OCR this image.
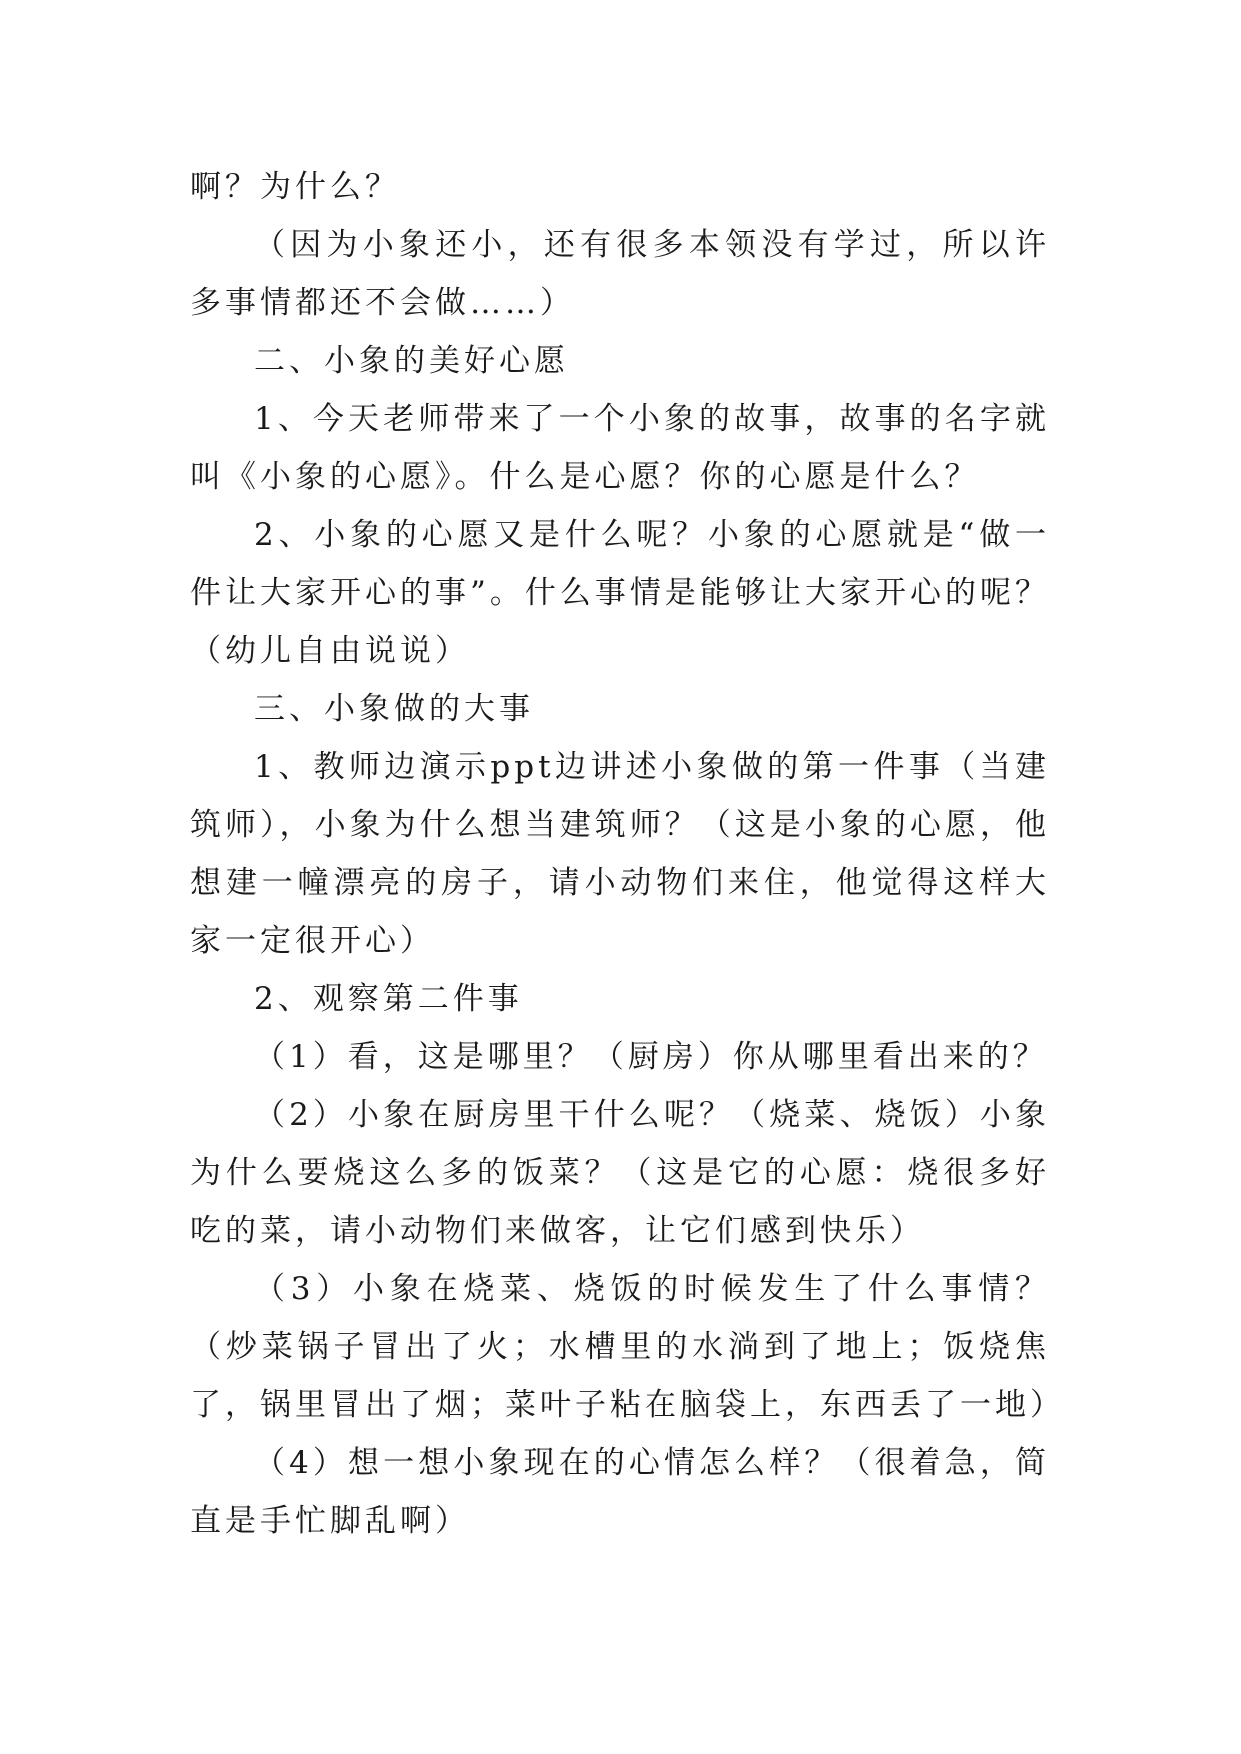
啊？为什么？

（因为小象还小，还有很多本领没有学过，所以许多事情都还不会做……）

二、小象的美好心愿

1、今天老师带来了一个小象的故事，故事的名字就叫《小象的心愿》。什么是心愿？你的心愿是什么？

2、小象的心愿又是什么呢？小象的心愿就是“做一件让大家开心的事”。什么事情是能够让大家开心的呢？（幼儿自由说说）

三、小象做的大事

1、教师边演示ppt边讲述小象做的第一件事（当建筑师），小象为什么想当建筑师？（这是小象的心愿，他想建一幢漂亮的房子，请小动物们来住，他觉得这样大家一定很开心）

2、观察第二件事

（1）看，这是哪里？（厨房）你从哪里看出来的？

（2）小象在厨房里干什么呢？（烧菜、烧饭）小象为什么要烧这么多的饭菜？（这是它的心愿：烧很多好吃的菜，请小动物们来做客，让它们感到快乐）

（3）小象在烧菜、烧饭的时候发生了什么事情？（炒菜锅子冒出了火；水槽里的水淌到了地上；饭烧焦了，锅里冒出了烟；菜叶子粘在脑袋上，东西丢了一地）

（4）想一想小象现在的心情怎么样？（很着急，简直是手忙脚乱啊）
